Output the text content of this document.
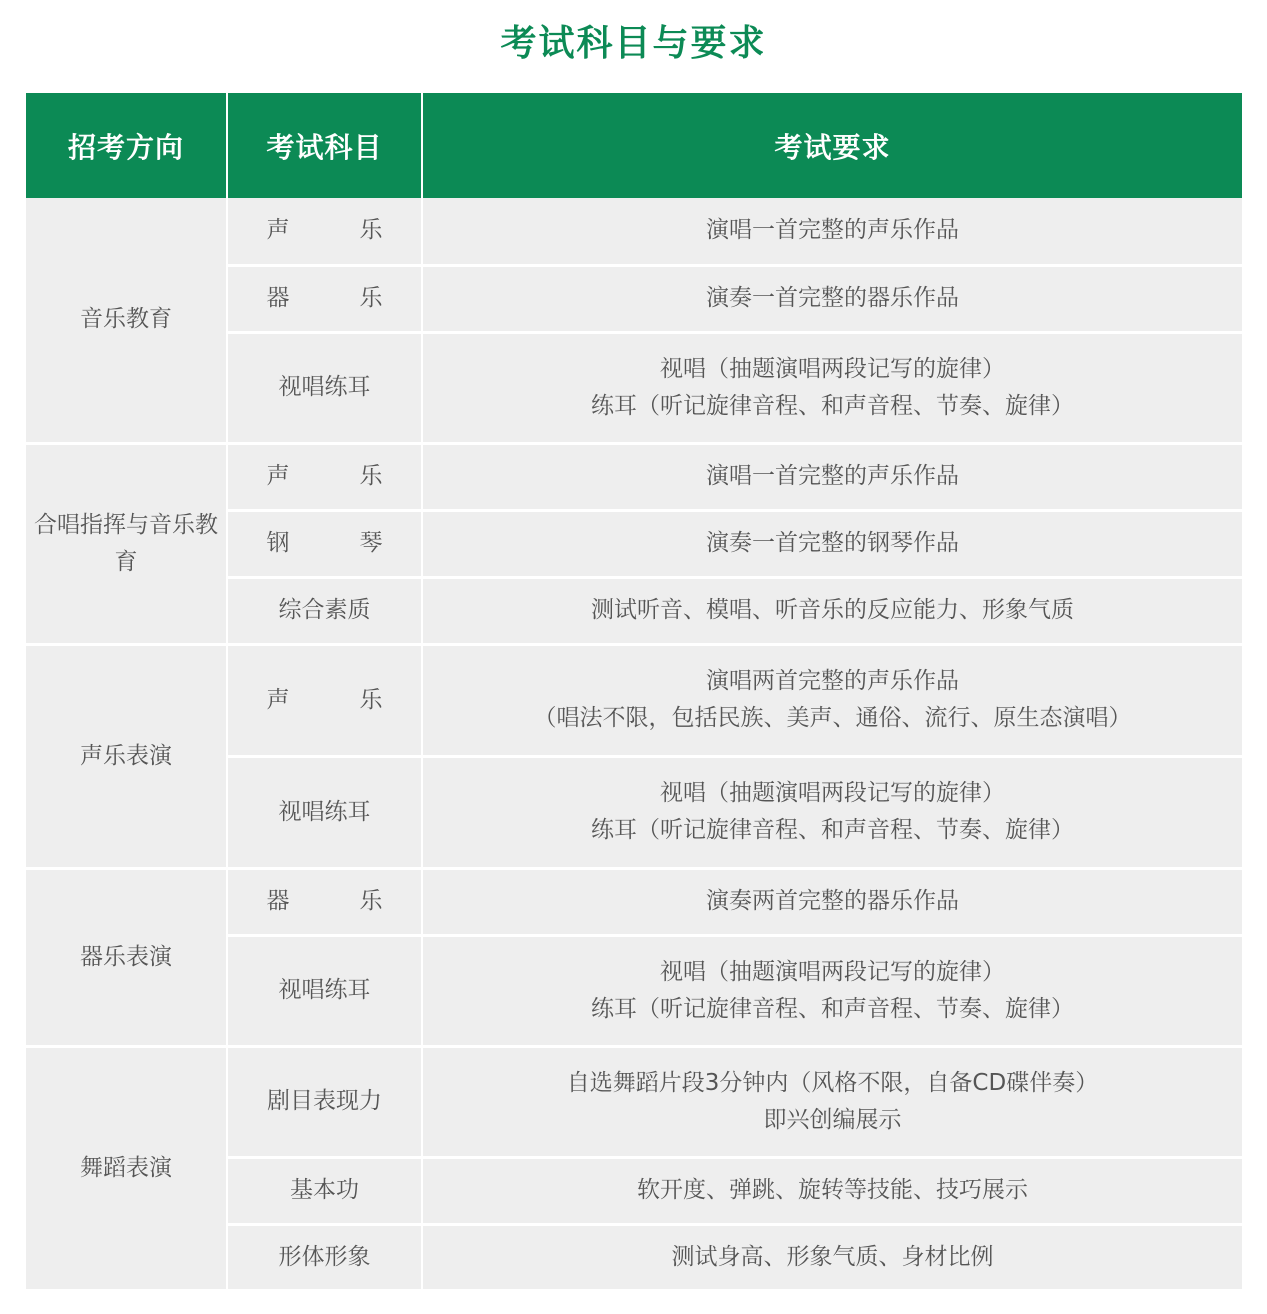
考试科目与要求
招考方向	考试科目	考试要求
音乐教育	声 乐	演唱一首完整的声乐作品

	器 乐	演奏一首完整的器乐作品

	视唱练耳	视唱（抽题演唱两段记写的旋律）
练耳（听记旋律音程、和声音程、节奏、旋律）

合唱指挥与音乐教育	声 乐	演唱一首完整的声乐作品

	钢 琴	演奏一首完整的钢琴作品

	综合素质	测试听音、模唱、听音乐的反应能力、形象气质

声乐表演	声 乐	演唱两首完整的声乐作品
（唱法不限，包括民族、美声、通俗、流行、原生态演唱）

	视唱练耳	视唱（抽题演唱两段记写的旋律）
练耳（听记旋律音程、和声音程、节奏、旋律）

器乐表演	器 乐	演奏两首完整的器乐作品

	视唱练耳	视唱（抽题演唱两段记写的旋律）
练耳（听记旋律音程、和声音程、节奏、旋律）

舞蹈表演	剧目表现力	自选舞蹈片段3分钟内（风格不限，自备CD碟伴奏）
即兴创编展示

	基本功	软开度、弹跳、旋转等技能、技巧展示

	形体形象	测试身高、形象气质、身材比例
